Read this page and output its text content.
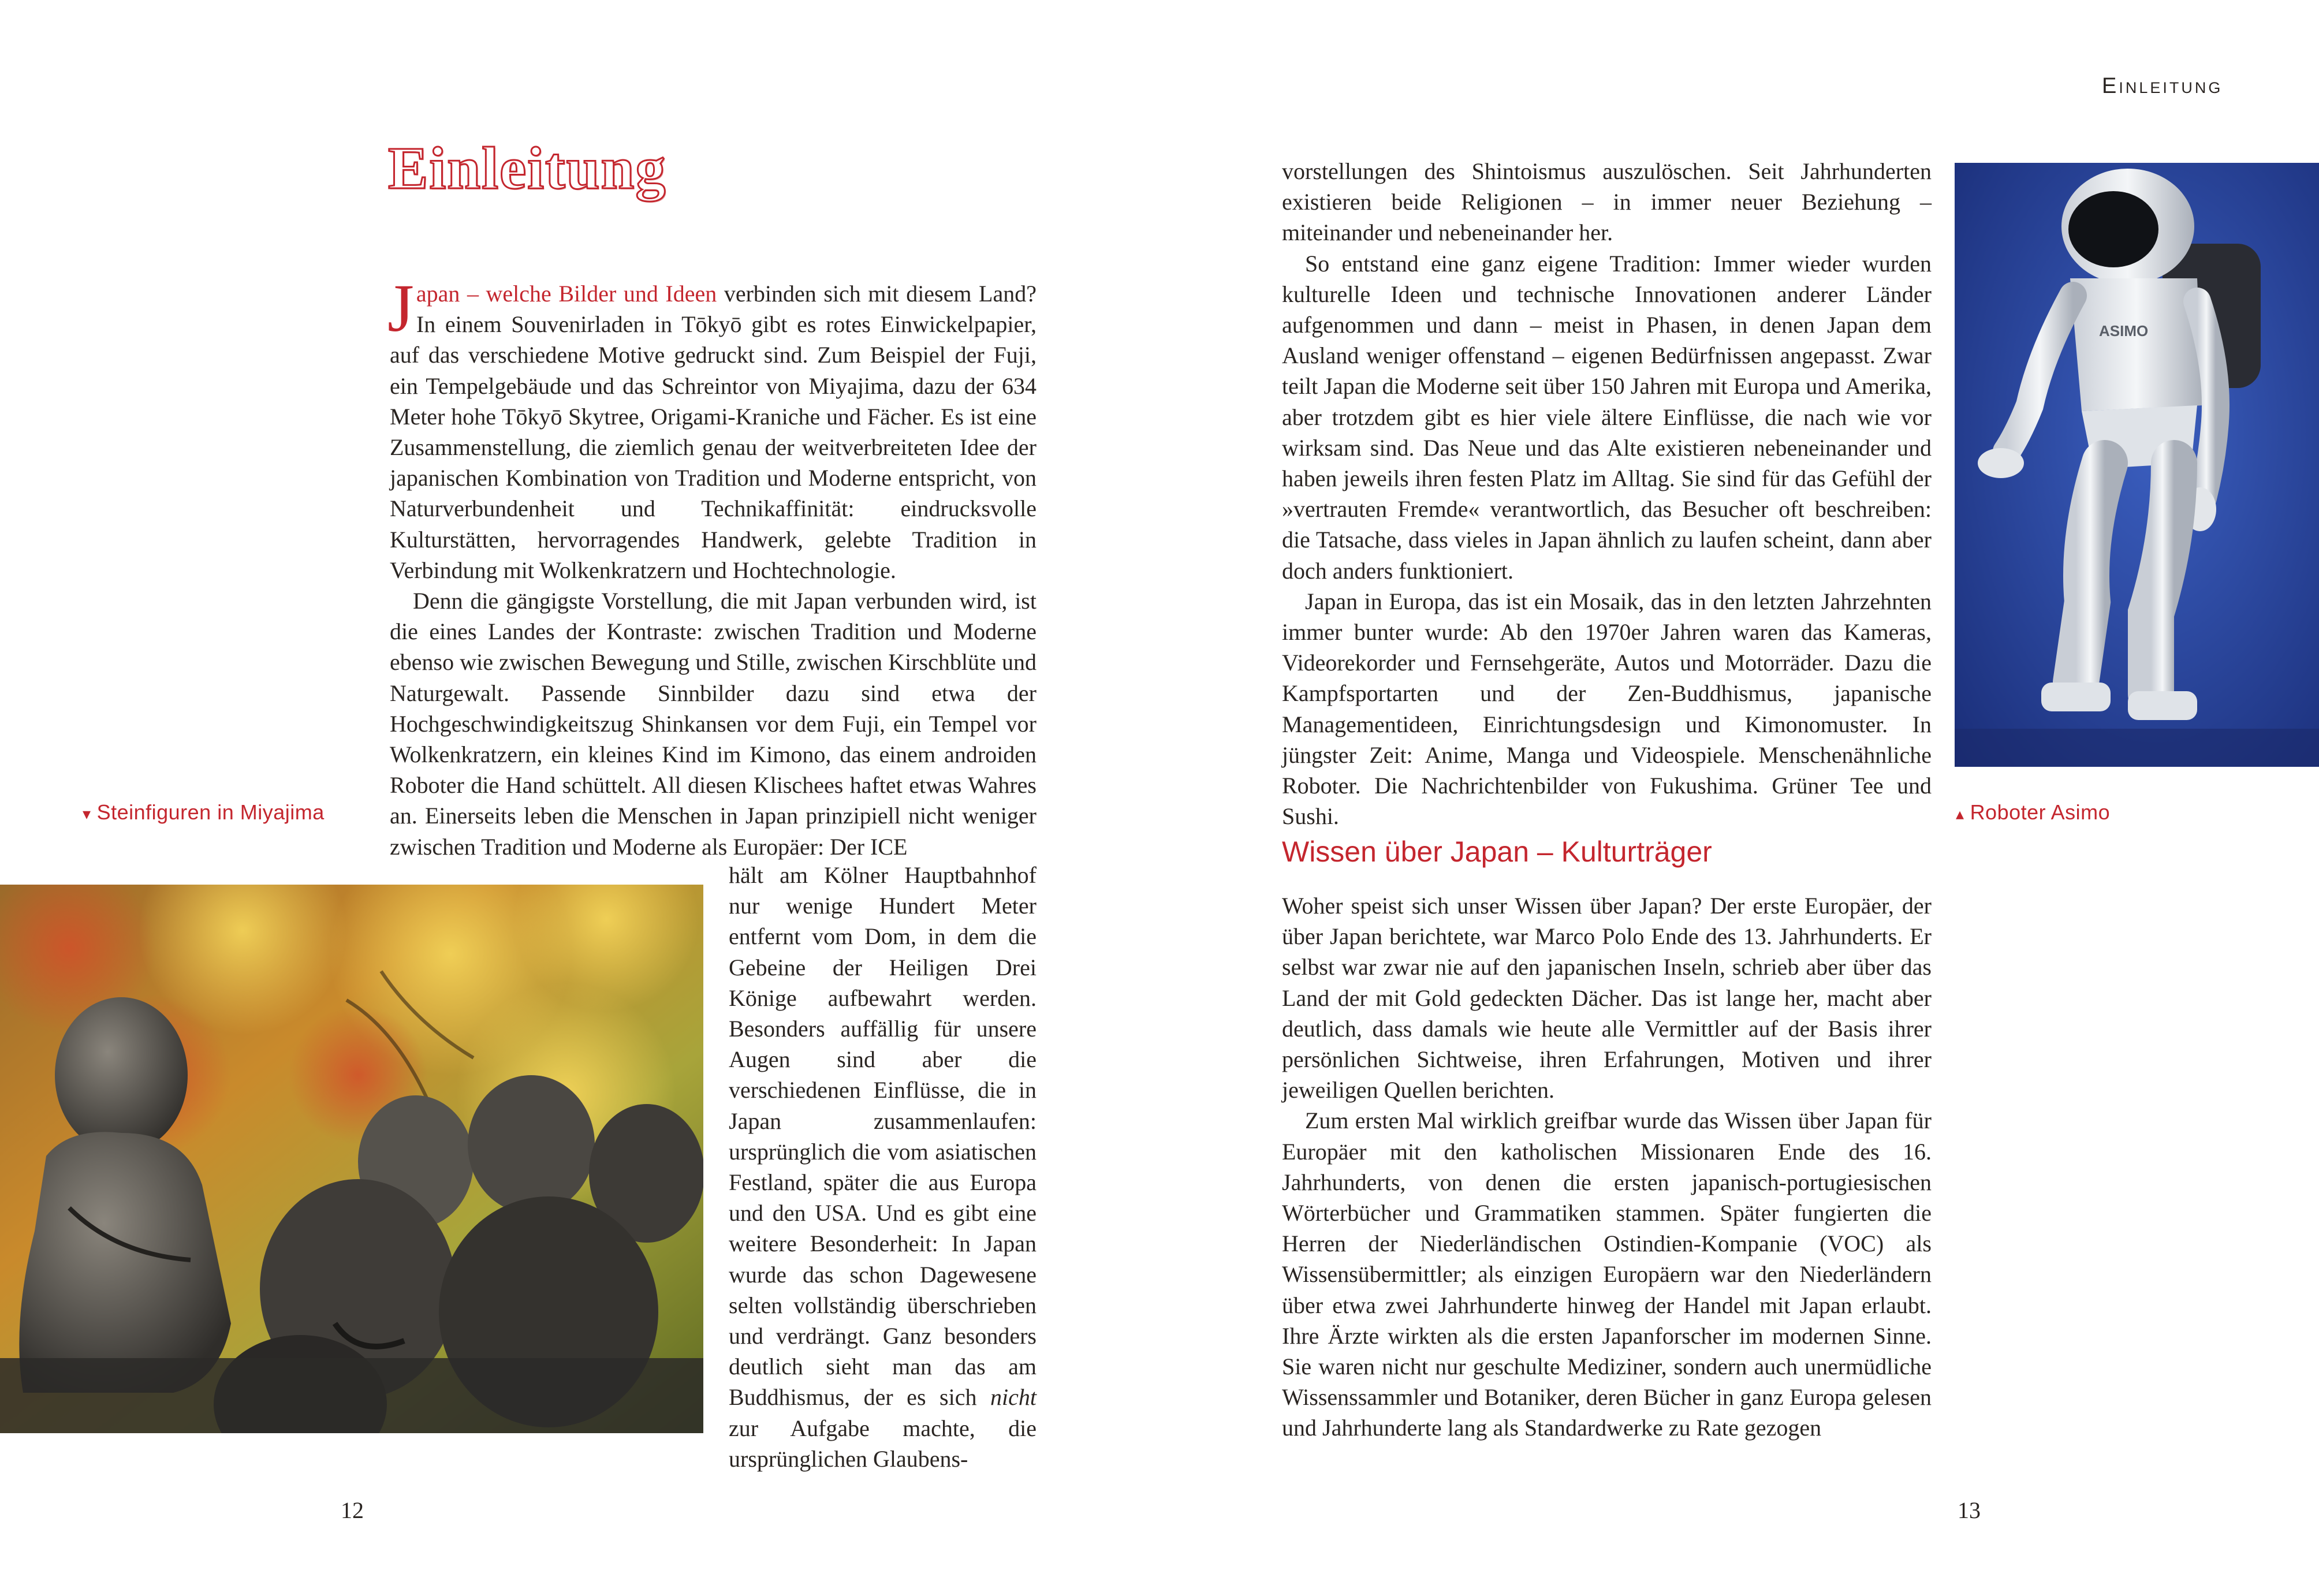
Einleitung
Einleitung

Japan – welche Bilder und Ideen verbinden sich mit diesem Land? In einem Souvenirladen in Tōkyō gibt es rotes Einwickelpapier, auf das verschiedene Motive gedruckt sind. Zum Beispiel der Fuji, ein Tempelgebäude und das Schreintor von Miyajima, dazu der 634 Meter hohe Tōkyō Skytree, Origami-Kraniche und Fächer. Es ist eine Zusammenstellung, die ziemlich genau der weitverbreiteten Idee der japanischen Kombination von Tradition und Moderne entspricht, von Naturverbundenheit und Technikaffinität: eindrucksvolle Kulturstätten, hervorragendes Handwerk, gelebte Tradition in Verbindung mit Wolkenkratzern und Hochtechnologie.

Denn die gängigste Vorstellung, die mit Japan verbunden wird, ist die eines Landes der Kontraste: zwischen Tradition und Moderne ebenso wie zwischen Bewegung und Stille, zwischen Kirschblüte und Naturgewalt. Passende Sinnbilder dazu sind etwa der Hochgeschwindigkeitszug Shinkansen vor dem Fuji, ein Tempel vor Wolkenkratzern, ein kleines Kind im Kimono, das einem androiden Roboter die Hand schüttelt. All diesen Klischees haftet etwas Wahres an. Einerseits leben die Menschen in Japan prinzipiell nicht weniger zwischen Tradition und Moderne als Europäer: Der ICE

hält am Kölner Hauptbahnhof nur wenige Hundert Meter entfernt vom Dom, in dem die Gebeine der Heiligen Drei Könige aufbewahrt werden. Besonders auffällig für unsere Augen sind aber die verschiedenen Einflüsse, die in Japan zusammenlaufen: ursprünglich die vom asiatischen Festland, später die aus Europa und den USA. Und es gibt eine weitere Besonderheit: In Japan wurde das schon Dagewesene selten vollständig überschrieben und verdrängt. Ganz besonders deutlich sieht man das am Buddhismus, der es sich nicht zur Aufgabe machte, die ursprünglichen Glaubens-

▾ Steinfiguren in Miyajima
12

vorstellungen des Shintoismus auszulöschen. Seit Jahrhunderten existieren beide Religionen – in immer neuer Beziehung – miteinander und nebeneinander her.

So entstand eine ganz eigene Tradition: Immer wieder wurden kulturelle Ideen und technische Innovationen anderer Länder aufgenommen und dann – meist in Phasen, in denen Japan dem Ausland weniger offenstand – eigenen Bedürfnissen angepasst. Zwar teilt Japan die Moderne seit über 150 Jahren mit Europa und Amerika, aber trotzdem gibt es hier viele ältere Einflüsse, die nach wie vor wirksam sind. Das Neue und das Alte existieren nebeneinander und haben jeweils ihren festen Platz im Alltag. Sie sind für das Gefühl der »vertrauten Fremde« verantwortlich, das Besucher oft beschreiben: die Tatsache, dass vieles in Japan ähnlich zu laufen scheint, dann aber doch anders funktioniert.

Japan in Europa, das ist ein Mosaik, das in den letzten Jahrzehnten immer bunter wurde: Ab den 1970er Jahren waren das Kameras, Videorekorder und Fernsehgeräte, Autos und Motorräder. Dazu die Kampfsportarten und der Zen-Buddhismus, japanische Managementideen, Einrichtungsdesign und Kimonomuster. In jüngster Zeit: Anime, Manga und Videospiele. Menschenähnliche Roboter. Die Nachrichtenbilder von Fukushima. Grüner Tee und Sushi.

Wissen über Japan – Kulturträger

Woher speist sich unser Wissen über Japan? Der erste Europäer, der über Japan berichtete, war Marco Polo Ende des 13. Jahrhunderts. Er selbst war zwar nie auf den japanischen Inseln, schrieb aber über das Land der mit Gold gedeckten Dächer. Das ist lange her, macht aber deutlich, dass damals wie heute alle Vermittler auf der Basis ihrer persönlichen Sichtweise, ihren Erfahrungen, Motiven und ihrer jeweiligen Quellen berichten.

Zum ersten Mal wirklich greifbar wurde das Wissen über Japan für Europäer mit den katholischen Missionaren Ende des 16. Jahrhunderts, von denen die ersten japanisch-portugiesischen Wörterbücher und Grammatiken stammen. Später fungierten die Herren der Niederländischen Ostindien-Kompanie (VOC) als Wissensübermittler; als einzigen Europäern war den Niederländern über etwa zwei Jahrhunderte hinweg der Handel mit Japan erlaubt. Ihre Ärzte wirkten als die ersten Japanforscher im modernen Sinne. Sie waren nicht nur geschulte Mediziner, sondern auch unermüdliche Wissenssammler und Botaniker, deren Bücher in ganz Europa gelesen und Jahrhunderte lang als Standardwerke zu Rate gezogen

ASIMO
▴ Roboter Asimo
13
